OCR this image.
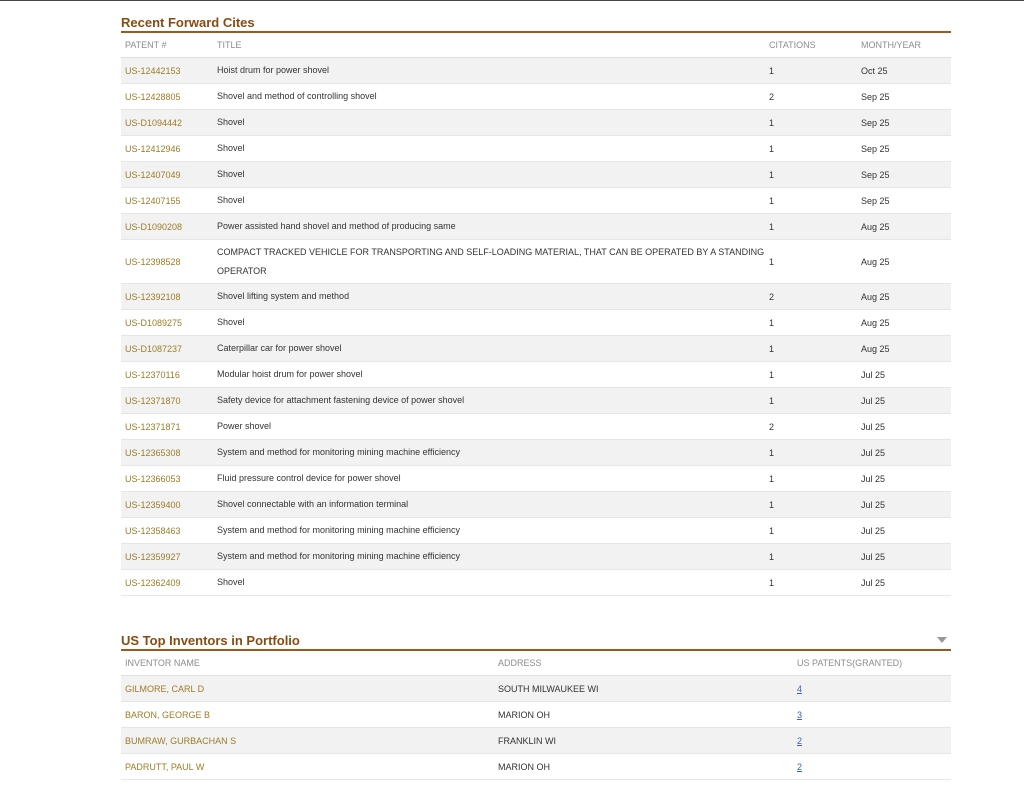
Recent Forward Cites
PATENT #	TITLE	CITATIONS	MONTH/YEAR
US-12442153	Hoist drum for power shovel	1	Oct 25
US-12428805	Shovel and method of controlling shovel	2	Sep 25
US-D1094442	Shovel	1	Sep 25
US-12412946	Shovel	1	Sep 25
US-12407049	Shovel	1	Sep 25
US-12407155	Shovel	1	Sep 25
US-D1090208	Power assisted hand shovel and method of producing same	1	Aug 25
US-12398528	COMPACT TRACKED VEHICLE FOR TRANSPORTING AND SELF-LOADING MATERIAL, THAT CAN BE OPERATED BY A STANDING OPERATOR	1	Aug 25
US-12392108	Shovel lifting system and method	2	Aug 25
US-D1089275	Shovel	1	Aug 25
US-D1087237	Caterpillar car for power shovel	1	Aug 25
US-12370116	Modular hoist drum for power shovel	1	Jul 25
US-12371870	Safety device for attachment fastening device of power shovel	1	Jul 25
US-12371871	Power shovel	2	Jul 25
US-12365308	System and method for monitoring mining machine efficiency	1	Jul 25
US-12366053	Fluid pressure control device for power shovel	1	Jul 25
US-12359400	Shovel connectable with an information terminal	1	Jul 25
US-12358463	System and method for monitoring mining machine efficiency	1	Jul 25
US-12359927	System and method for monitoring mining machine efficiency	1	Jul 25
US-12362409	Shovel	1	Jul 25
US Top Inventors in Portfolio
INVENTOR NAME	ADDRESS	US PATENTS(GRANTED)
GILMORE, CARL D	SOUTH MILWAUKEE WI	4
BARON, GEORGE B	MARION OH	3
BUMRAW, GURBACHAN S	FRANKLIN WI	2
PADRUTT, PAUL W	MARION OH	2
